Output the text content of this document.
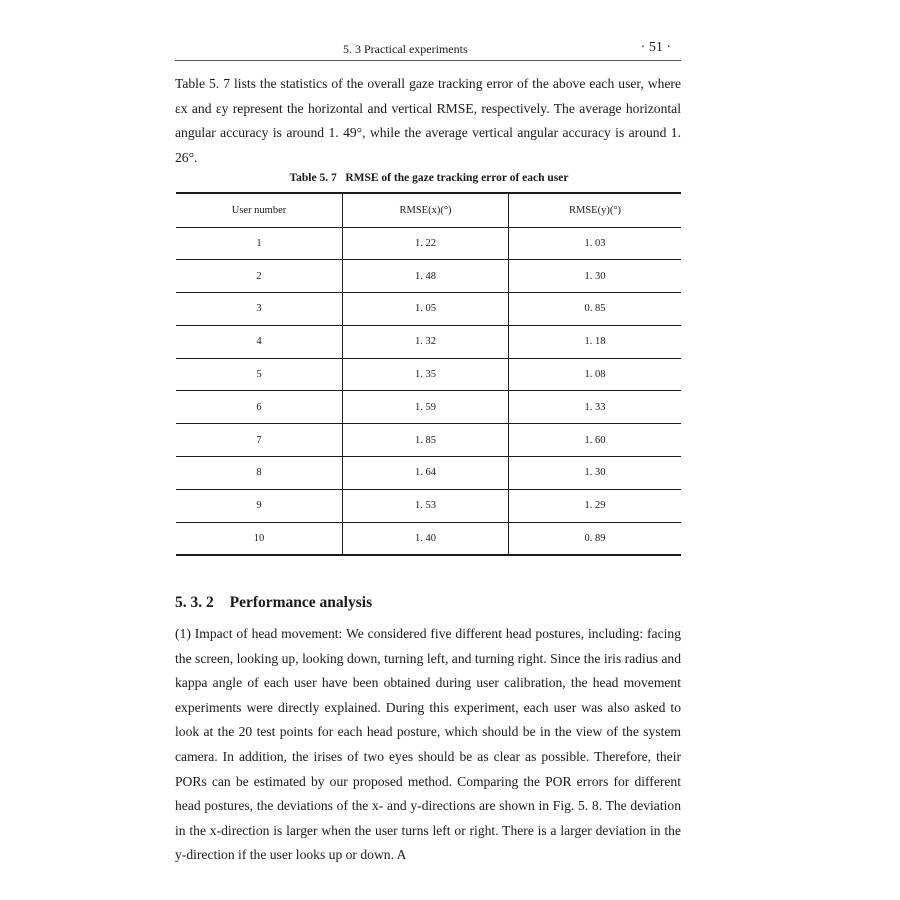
5. 3 Practical experiments	· 51 ·

Table 5. 7 lists the statistics of the overall gaze tracking error of the above each user, where εx and εy represent the horizontal and vertical RMSE, respectively. The average horizontal angular accuracy is around 1. 49°, while the average vertical angular accuracy is around 1. 26°.

Table 5. 7 RMSE of the gaze tracking error of each user
User number	RMSE(x)(°)	RMSE(y)(°)
1	1. 22	1. 03
2	1. 48	1. 30
3	1. 05	0. 85
4	1. 32	1. 18
5	1. 35	1. 08
6	1. 59	1. 33
7	1. 85	1. 60
8	1. 64	1. 30
9	1. 53	1. 29
10	1. 40	0. 89
5. 3. 2 Performance analysis

(1) Impact of head movement: We considered five different head postures, including: facing the screen, looking up, looking down, turning left, and turning right. Since the iris radius and kappa angle of each user have been obtained during user calibration, the head movement experiments were directly explained. During this experiment, each user was also asked to look at the 20 test points for each head posture, which should be in the view of the system camera. In addition, the irises of two eyes should be as clear as possible. Therefore, their PORs can be estimated by our proposed method. Comparing the POR errors for different head postures, the deviations of the x- and y-directions are shown in Fig. 5. 8. The deviation in the x-direction is larger when the user turns left or right. There is a larger deviation in the y-direction if the user looks up or down. A
